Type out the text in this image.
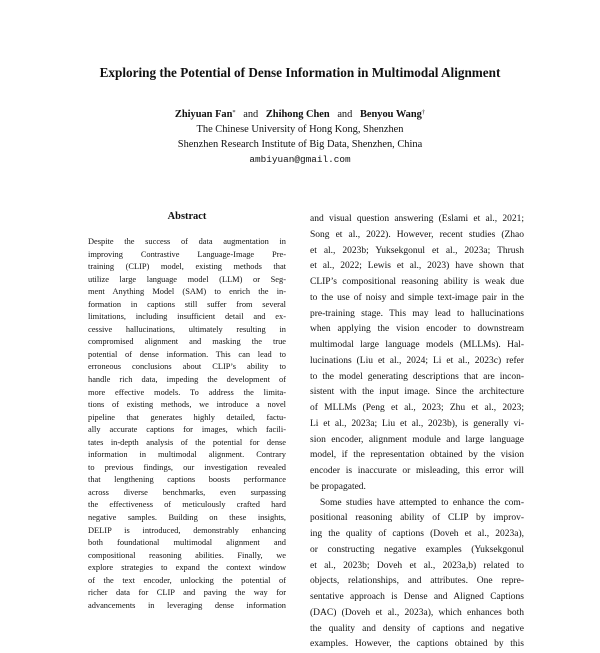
Exploring the Potential of Dense Information in Multimodal Alignment
Zhiyuan Fan* and Zhihong Chen and Benyou Wang†
The Chinese University of Hong Kong, Shenzhen
Shenzhen Research Institute of Big Data, Shenzhen, China
ambiyuan@gmail.com
Abstract
Despite the success of data augmentation in
improving Contrastive Language-Image Pre-
training (CLIP) model, existing methods that
utilize large language model (LLM) or Seg-
ment Anything Model (SAM) to enrich the in-
formation in captions still suffer from several
limitations, including insufficient detail and ex-
cessive hallucinations, ultimately resulting in
compromised alignment and masking the true
potential of dense information. This can lead to
erroneous conclusions about CLIP’s ability to
handle rich data, impeding the development of
more effective models. To address the limita-
tions of existing methods, we introduce a novel
pipeline that generates highly detailed, factu-
ally accurate captions for images, which facili-
tates in-depth analysis of the potential for dense
information in multimodal alignment. Contrary
to previous findings, our investigation revealed
that lengthening captions boosts performance
across diverse benchmarks, even surpassing
the effectiveness of meticulously crafted hard
negative samples. Building on these insights,
DELIP is introduced, demonstrably enhancing
both foundational multimodal alignment and
compositional reasoning abilities. Finally, we
explore strategies to expand the context window
of the text encoder, unlocking the potential of
richer data for CLIP and paving the way for
advancements in leveraging dense information
and visual question answering (Eslami et al., 2021;
Song et al., 2022). However, recent studies (Zhao
et al., 2023b; Yuksekgonul et al., 2023a; Thrush
et al., 2022; Lewis et al., 2023) have shown that
CLIP’s compositional reasoning ability is weak due
to the use of noisy and simple text-image pair in the
pre-training stage. This may lead to hallucinations
when applying the vision encoder to downstream
multimodal large language models (MLLMs). Hal-
lucinations (Liu et al., 2024; Li et al., 2023c) refer
to the model generating descriptions that are incon-
sistent with the input image. Since the architecture
of MLLMs (Peng et al., 2023; Zhu et al., 2023;
Li et al., 2023a; Liu et al., 2023b), is generally vi-
sion encoder, alignment module and large language
model, if the representation obtained by the vision
encoder is inaccurate or misleading, this error will
be propagated.
Some studies have attempted to enhance the com-
positional reasoning ability of CLIP by improv-
ing the quality of captions (Doveh et al., 2023a),
or constructing negative examples (Yuksekgonul
et al., 2023b; Doveh et al., 2023a,b) related to
objects, relationships, and attributes. One repre-
sentative approach is Dense and Aligned Captions
(DAC) (Doveh et al., 2023a), which enhances both
the quality and density of captions and negative
examples. However, the captions obtained by this
